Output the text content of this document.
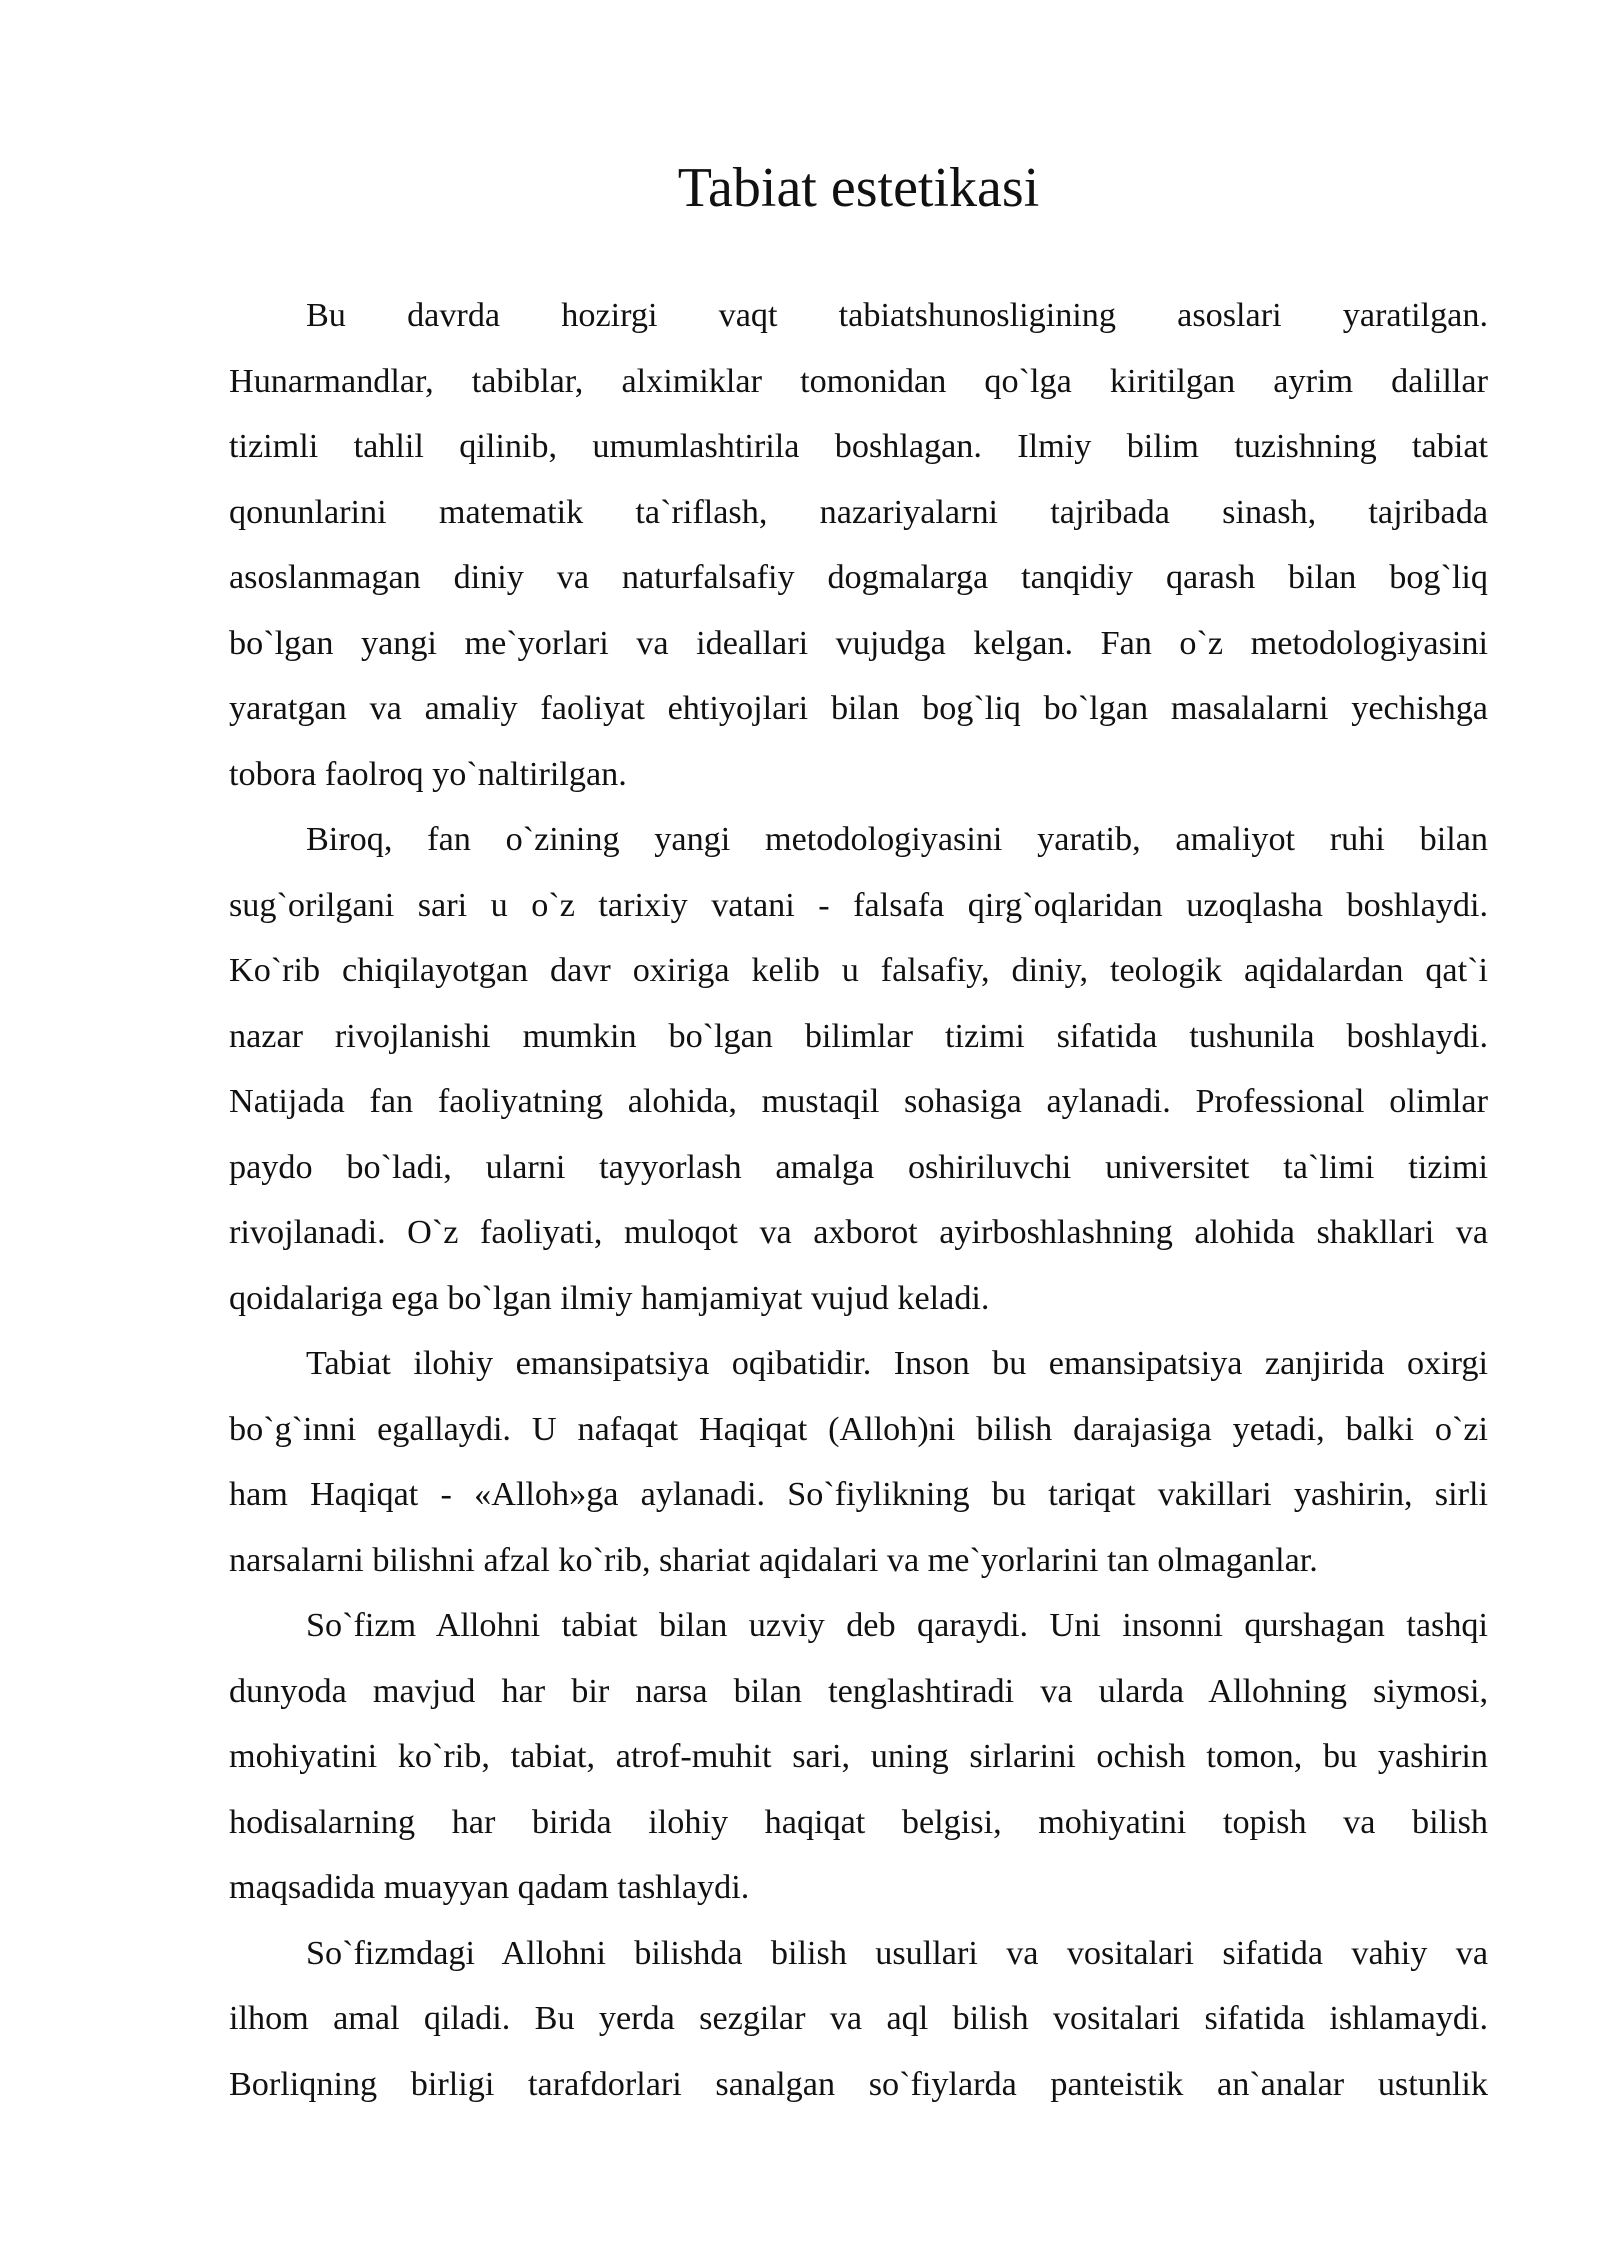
Tabiat estetikasi
Bu davrda hozirgi vaqt tabiatshunosligining asoslari yaratilgan.
Hunarmandlar, tabiblar, alximiklar tomonidan qo`lga kiritilgan ayrim dalillar
tizimli tahlil qilinib, umumlashtirila boshlagan. Ilmiy bilim tuzishning tabiat
qonunlarini matematik ta`riflash, nazariyalarni tajribada sinash, tajribada
asoslanmagan diniy va naturfalsafiy dogmalarga tanqidiy qarash bilan bog`liq
bo`lgan yangi me`yorlari va ideallari vujudga kelgan. Fan o`z metodologiyasini
yaratgan va amaliy faoliyat ehtiyojlari bilan bog`liq bo`lgan masalalarni yechishga
tobora faolroq yo`naltirilgan.
Biroq, fan o`zining yangi metodologiyasini yaratib, amaliyot ruhi bilan
sug`orilgani sari u o`z tarixiy vatani - falsafa qirg`oqlaridan uzoqlasha boshlaydi.
Ko`rib chiqilayotgan davr oxiriga kelib u falsafiy, diniy, teologik aqidalardan qat`i
nazar rivojlanishi mumkin bo`lgan bilimlar tizimi sifatida tushunila boshlaydi.
Natijada fan faoliyatning alohida, mustaqil sohasiga aylanadi. Professional olimlar
paydo bo`ladi, ularni tayyorlash amalga oshiriluvchi universitet ta`limi tizimi
rivojlanadi. O`z faoliyati, muloqot va axborot ayirboshlashning alohida shakllari va
qoidalariga ega bo`lgan ilmiy hamjamiyat vujud keladi.
Tabiat ilohiy emansipatsiya oqibatidir. Inson bu emansipatsiya zanjirida oxirgi
bo`g`inni egallaydi. U nafaqat Haqiqat (Alloh)ni bilish darajasiga yetadi, balki o`zi
ham Haqiqat - «Alloh»ga aylanadi. So`fiylikning bu tariqat vakillari yashirin, sirli
narsalarni bilishni afzal ko`rib, shariat aqidalari va me`yorlarini tan olmaganlar.
So`fizm Allohni tabiat bilan uzviy deb qaraydi. Uni insonni qurshagan tashqi
dunyoda mavjud har bir narsa bilan tenglashtiradi va ularda Allohning siymosi,
mohiyatini ko`rib, tabiat, atrof-muhit sari, uning sirlarini ochish tomon, bu yashirin
hodisalarning har birida ilohiy haqiqat belgisi, mohiyatini topish va bilish
maqsadida muayyan qadam tashlaydi.
So`fizmdagi Allohni bilishda bilish usullari va vositalari sifatida vahiy va
ilhom amal qiladi. Bu yerda sezgilar va aql bilish vositalari sifatida ishlamaydi.
Borliqning birligi tarafdorlari sanalgan so`fiylarda panteistik an`analar ustunlik
